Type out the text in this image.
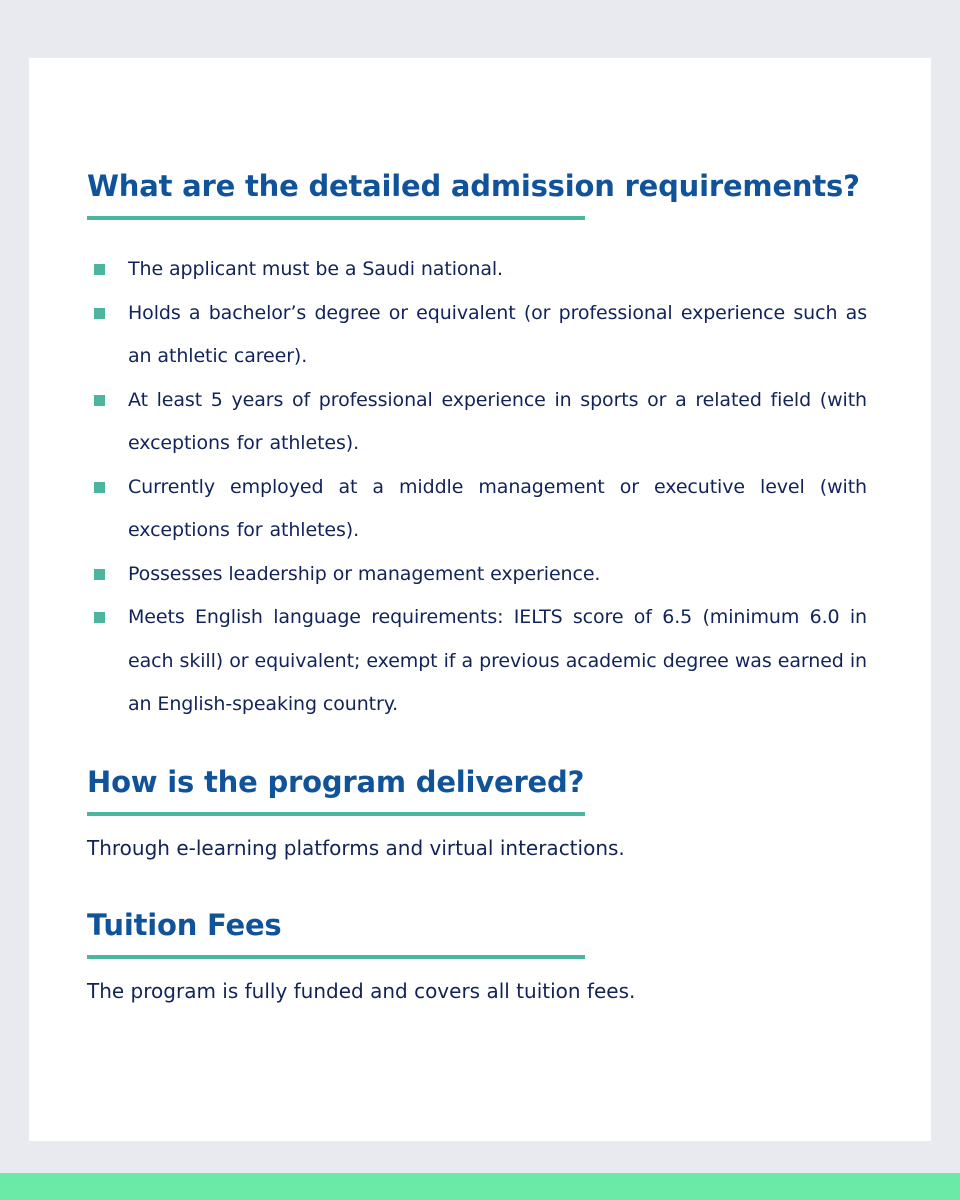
What are the detailed admission requirements?
The applicant must be a Saudi national.
Holds a bachelor’s degree or equivalent (or professional experience such as an athletic career).
At least 5 years of professional experience in sports or a related field (with exceptions for athletes).
Currently employed at a middle management or executive level (with exceptions for athletes).
Possesses leadership or management experience.
Meets English language requirements: IELTS score of 6.5 (minimum 6.0 in each skill) or equivalent; exempt if a previous academic degree was earned in an English-speaking country.
How is the program delivered?

Through e-learning platforms and virtual interactions.

Tuition Fees

The program is fully funded and covers all tuition fees.
